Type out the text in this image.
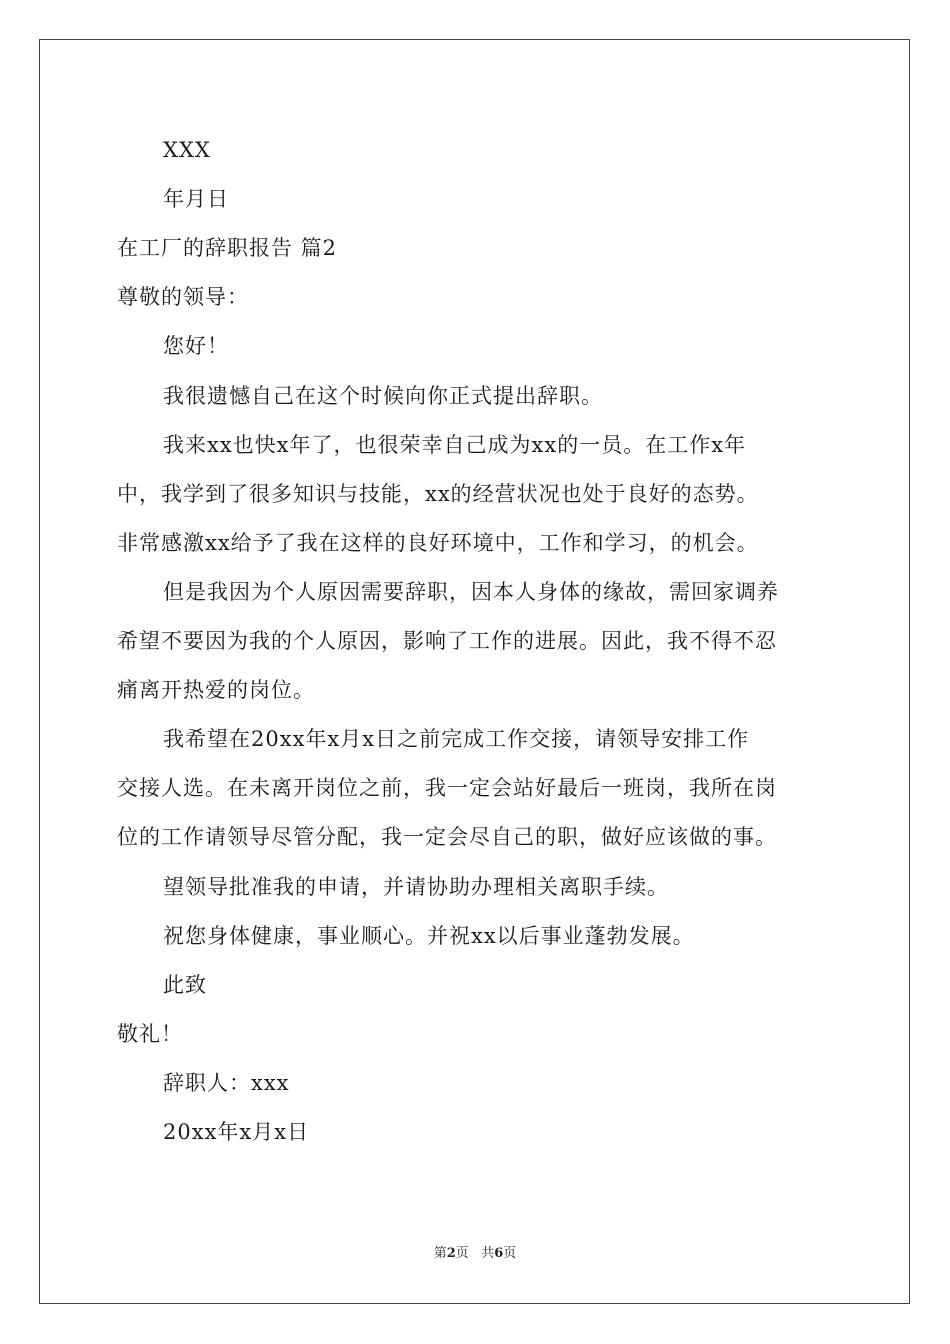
XXX
年月日
在工厂的辞职报告 篇2
尊敬的领导：
您好！
我很遗憾自己在这个时候向你正式提出辞职。
我来xx也快x年了，也很荣幸自己成为xx的一员。在工作x年
中，我学到了很多知识与技能，xx的经营状况也处于良好的态势。
非常感激xx给予了我在这样的良好环境中，工作和学习，的机会。
但是我因为个人原因需要辞职，因本人身体的缘故，需回家调养
希望不要因为我的个人原因，影响了工作的进展。因此，我不得不忍
痛离开热爱的岗位。
我希望在20xx年x月x日之前完成工作交接，请领导安排工作
交接人选。在未离开岗位之前，我一定会站好最后一班岗，我所在岗
位的工作请领导尽管分配，我一定会尽自己的职，做好应该做的事。
望领导批准我的申请，并请协助办理相关离职手续。
祝您身体健康，事业顺心。并祝xx以后事业蓬勃发展。
此致
敬礼！
辞职人：xxx
20xx年x月x日
第2页 共6页
